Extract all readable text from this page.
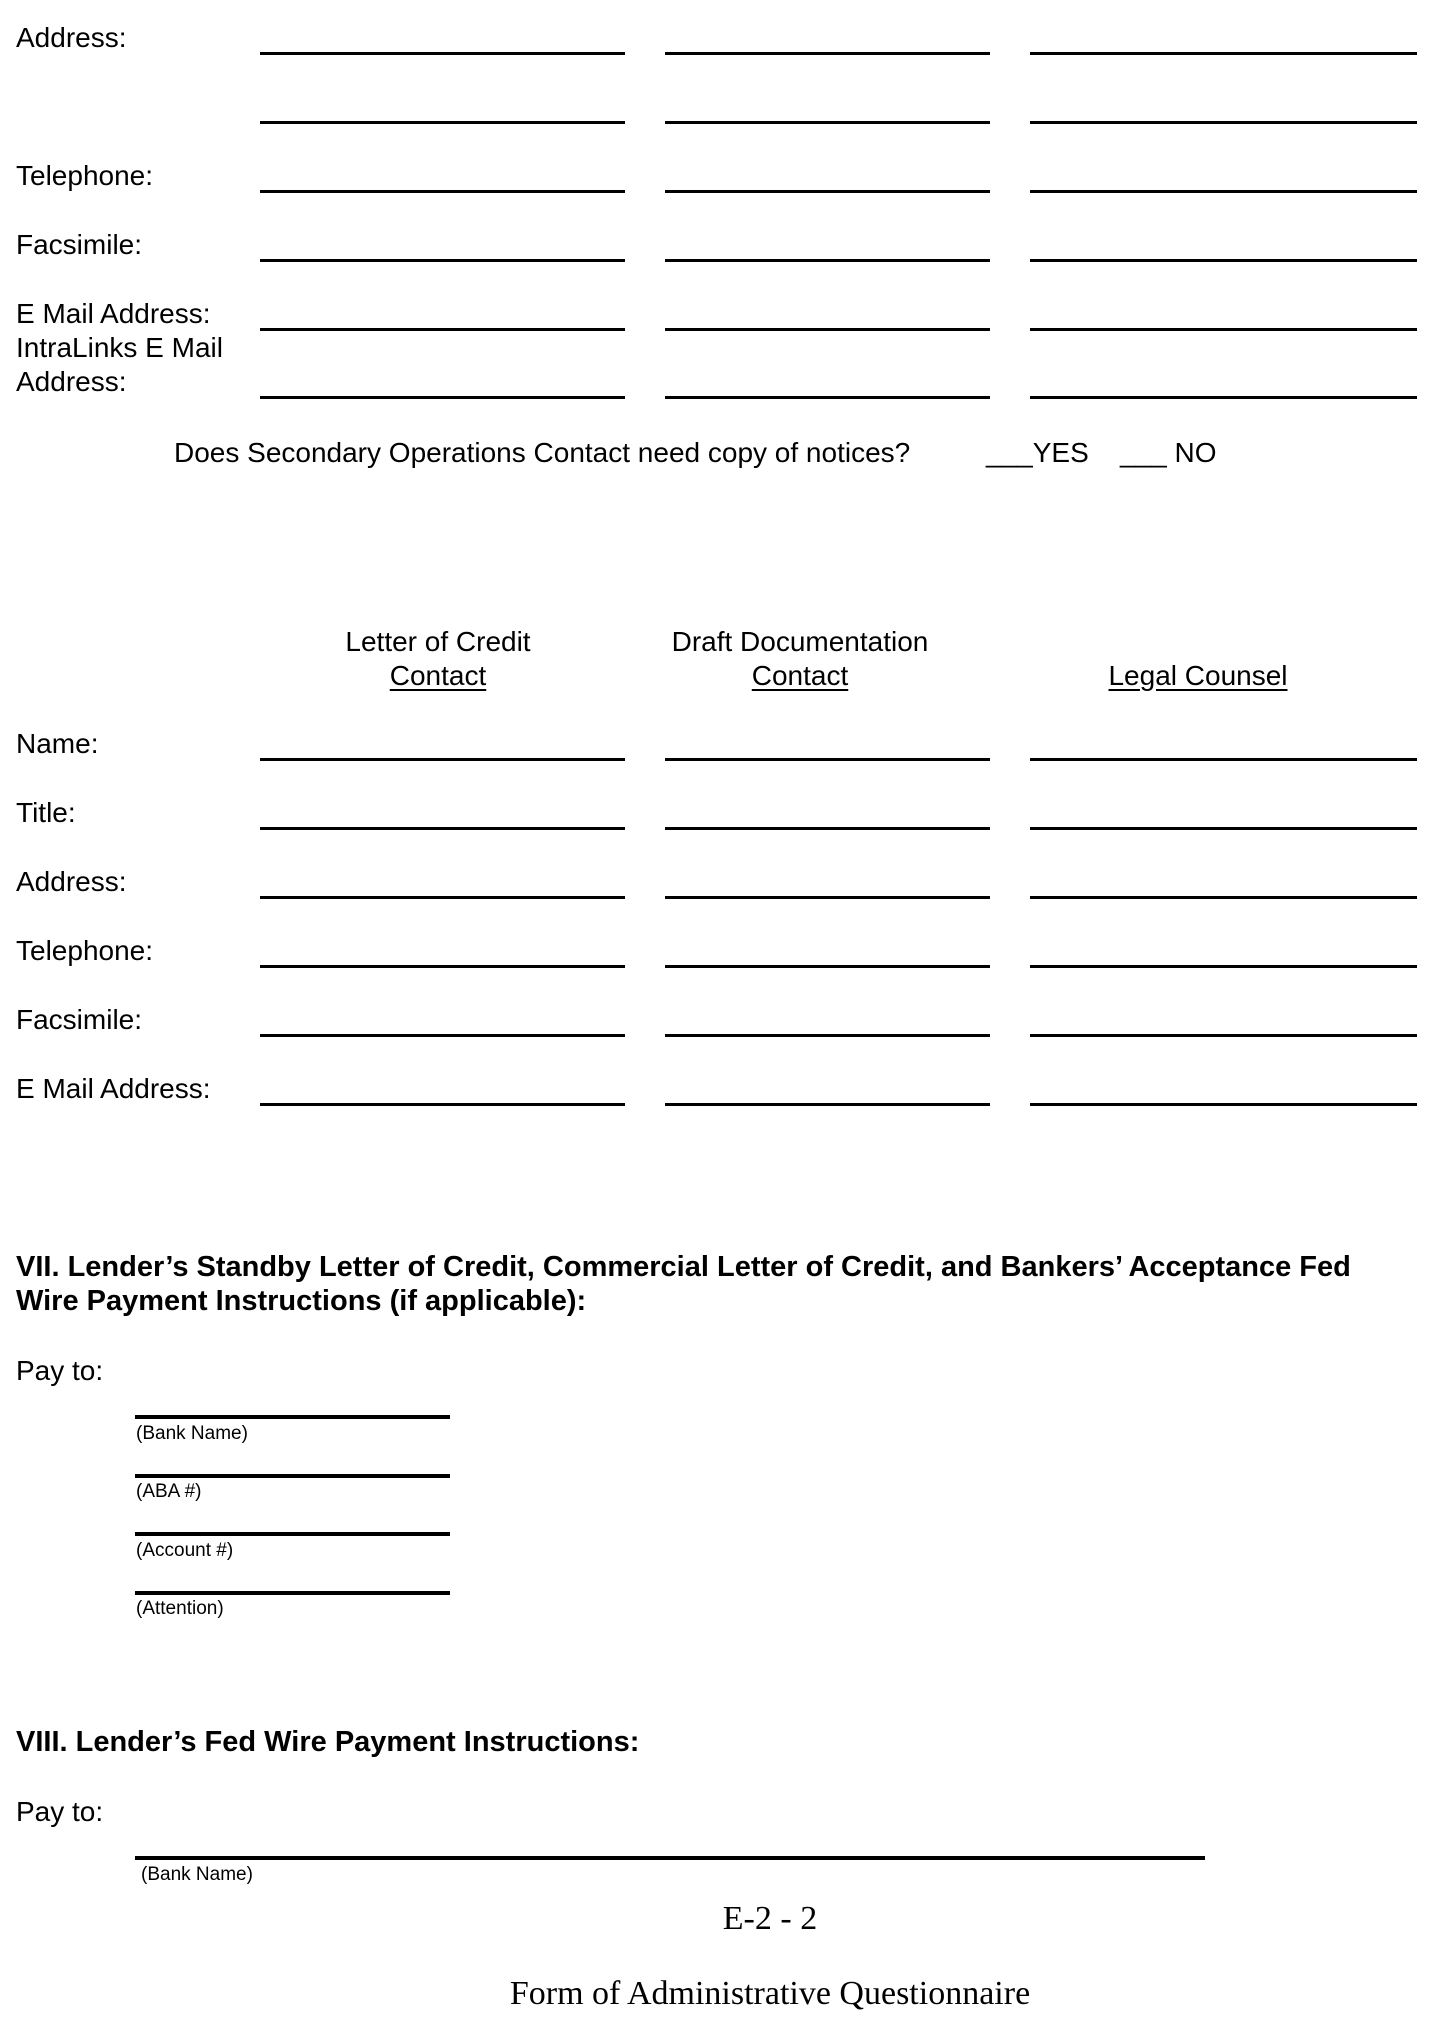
Address:
Telephone:
Facsimile:
E Mail Address:
IntraLinks E Mail
Address:
Does Secondary Operations Contact need copy of notices?	___YES ___ NO
Letter of Credit
Contact
Draft Documentation
Contact	Legal Counsel
Name:
Title:
Address:
Telephone:
Facsimile:
E Mail Address:
VII. Lender’s Standby Letter of Credit, Commercial Letter of Credit, and Bankers’ Acceptance Fed
Wire Payment Instructions (if applicable):
Pay to:
(Bank Name)
(ABA #)
(Account #)
(Attention)
VIII. Lender’s Fed Wire Payment Instructions:
Pay to:
(Bank Name)
E-2 - 2
Form of Administrative Questionnaire
